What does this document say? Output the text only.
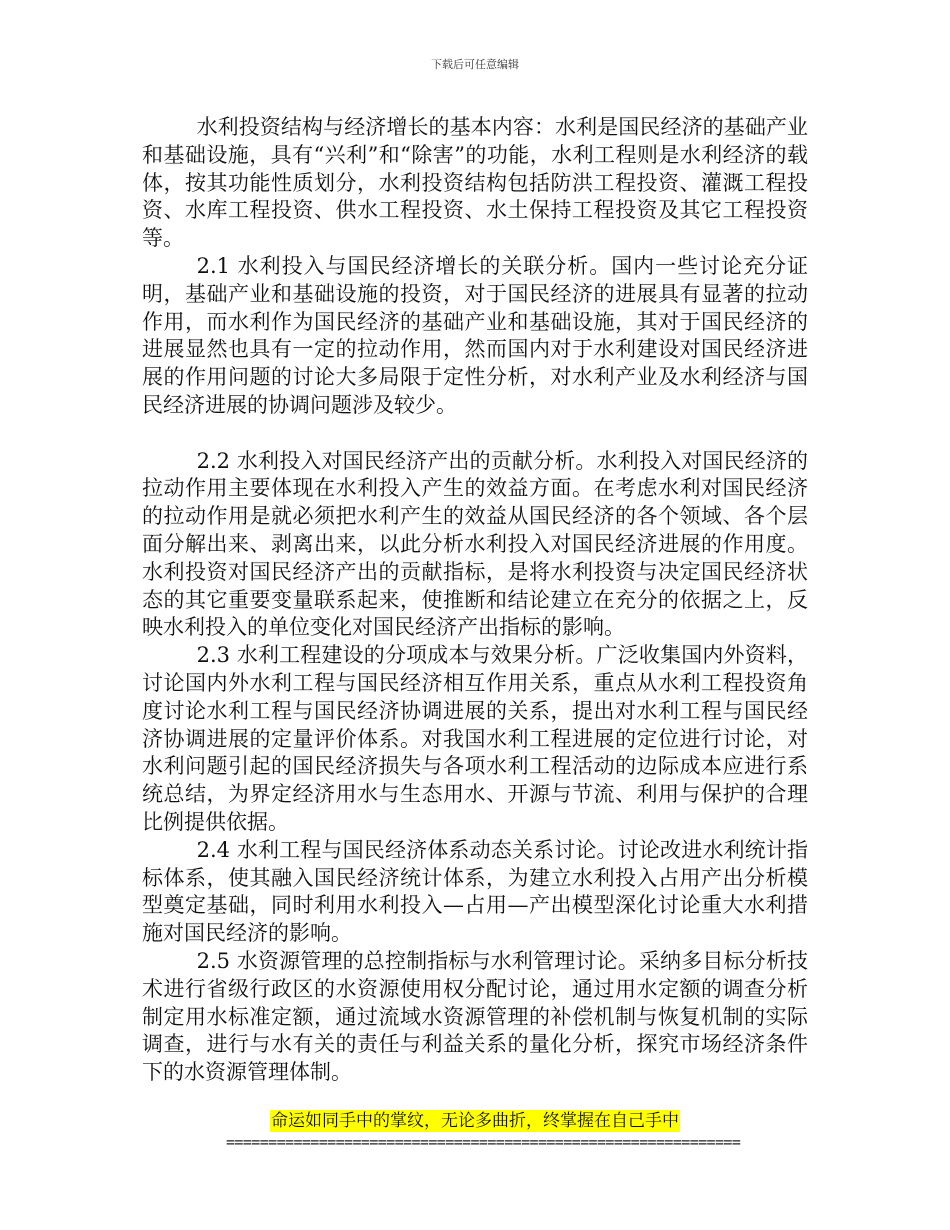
下载后可任意编辑

水利投资结构与经济增长的基本内容：水利是国民经济的基础产业和基础设施，具有“兴利”和“除害”的功能，水利工程则是水利经济的载体，按其功能性质划分，水利投资结构包括防洪工程投资、灌溉工程投资、水库工程投资、供水工程投资、水土保持工程投资及其它工程投资等。

2.1 水利投入与国民经济增长的关联分析。国内一些讨论充分证明，基础产业和基础设施的投资，对于国民经济的进展具有显著的拉动作用，而水利作为国民经济的基础产业和基础设施，其对于国民经济的进展显然也具有一定的拉动作用，然而国内对于水利建设对国民经济进展的作用问题的讨论大多局限于定性分析，对水利产业及水利经济与国民经济进展的协调问题涉及较少。

2.2 水利投入对国民经济产出的贡献分析。水利投入对国民经济的拉动作用主要体现在水利投入产生的效益方面。在考虑水利对国民经济的拉动作用是就必须把水利产生的效益从国民经济的各个领域、各个层面分解出来、剥离出来，以此分析水利投入对国民经济进展的作用度。水利投资对国民经济产出的贡献指标，是将水利投资与决定国民经济状态的其它重要变量联系起来，使推断和结论建立在充分的依据之上，反映水利投入的单位变化对国民经济产出指标的影响。

2.3 水利工程建设的分项成本与效果分析。广泛收集国内外资料，讨论国内外水利工程与国民经济相互作用关系，重点从水利工程投资角度讨论水利工程与国民经济协调进展的关系，提出对水利工程与国民经济协调进展的定量评价体系。对我国水利工程进展的定位进行讨论，对水利问题引起的国民经济损失与各项水利工程活动的边际成本应进行系统总结，为界定经济用水与生态用水、开源与节流、利用与保护的合理比例提供依据。

2.4 水利工程与国民经济体系动态关系讨论。讨论改进水利统计指标体系，使其融入国民经济统计体系，为建立水利投入占用产出分析模型奠定基础，同时利用水利投入—占用—产出模型深化讨论重大水利措施对国民经济的影响。

2.5 水资源管理的总控制指标与水利管理讨论。采纳多目标分析技术进行省级行政区的水资源使用权分配讨论，通过用水定额的调查分析制定用水标准定额，通过流域水资源管理的补偿机制与恢复机制的实际调查，进行与水有关的责任与利益关系的量化分析，探究市场经济条件下的水资源管理体制。

命运如同手中的掌纹，无论多曲折，终掌握在自己手中
=============================================================
